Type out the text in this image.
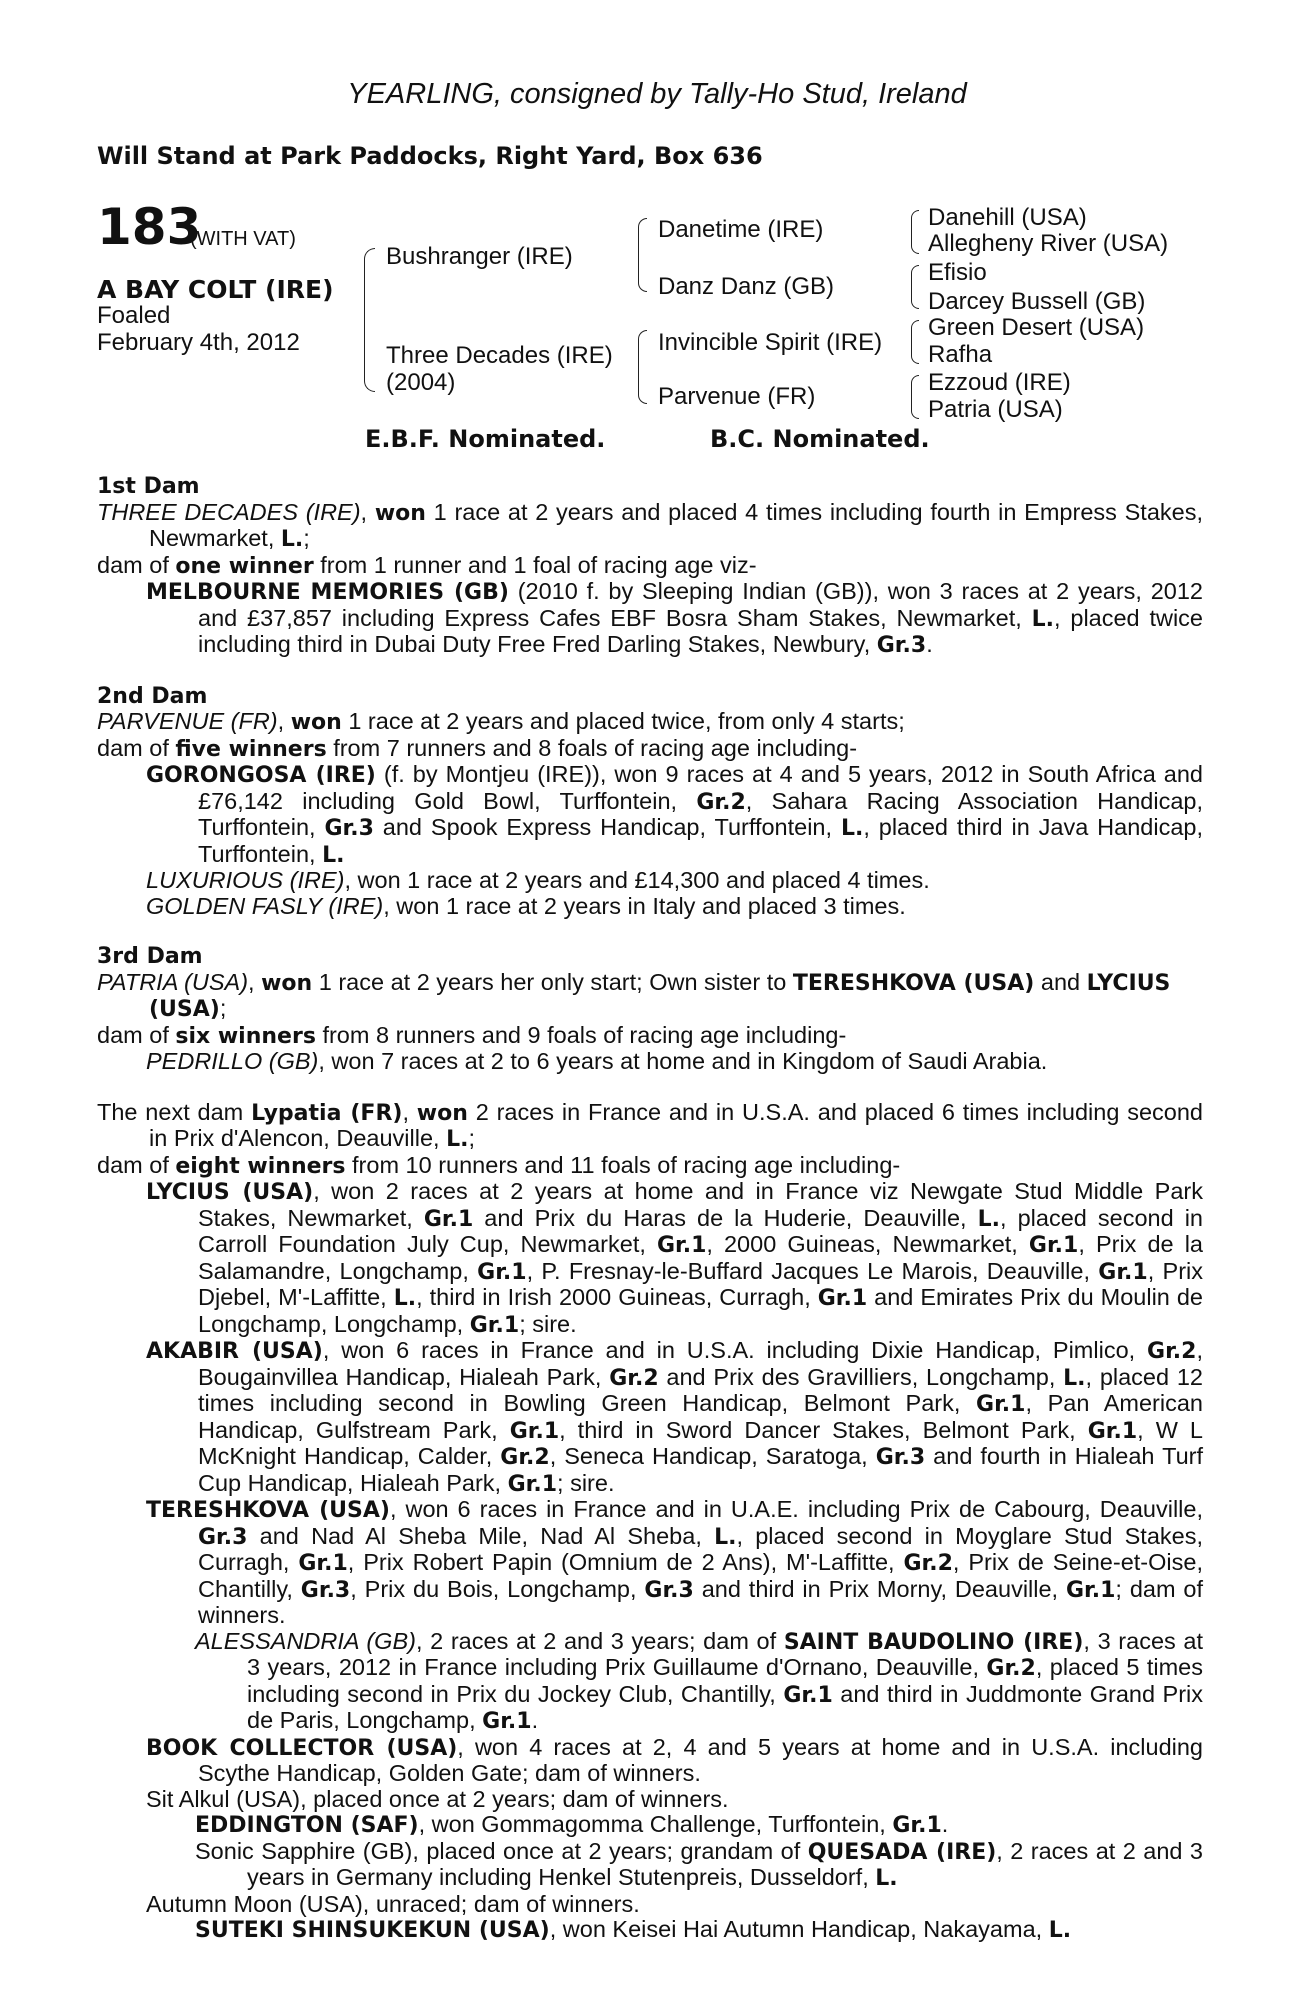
YEARLING, consigned by Tally-Ho Stud, Ireland
Will Stand at Park Paddocks, Right Yard, Box 636
183
(WITH VAT)
A BAY COLT (IRE)
Foaled
February 4th, 2012
Bushranger (IRE)
Three Decades (IRE)
(2004)
Danetime (IRE)
Danz Danz (GB)
Invincible Spirit (IRE)
Parvenue (FR)
Danehill (USA)
Allegheny River (USA)
Efisio
Darcey Bussell (GB)
Green Desert (USA)
Rafha
Ezzoud (IRE)
Patria (USA)
E.B.F. Nominated.	B.C. Nominated.

1st Dam

THREE DECADES (IRE), won 1 race at 2 years and placed 4 times including fourth in Empress Stakes, Newmarket, L.;

dam of one winner from 1 runner and 1 foal of racing age viz-

MELBOURNE MEMORIES (GB) (2010 f. by Sleeping Indian (GB)), won 3 races at 2 years, 2012 and £37,857 including Express Cafes EBF Bosra Sham Stakes, Newmarket, L., placed twice including third in Dubai Duty Free Fred Darling Stakes, Newbury, Gr.3.

2nd Dam

PARVENUE (FR), won 1 race at 2 years and placed twice, from only 4 starts;

dam of five winners from 7 runners and 8 foals of racing age including-

GORONGOSA (IRE) (f. by Montjeu (IRE)), won 9 races at 4 and 5 years, 2012 in South Africa and £76,142 including Gold Bowl, Turffontein, Gr.2, Sahara Racing Association Handicap, Turffontein, Gr.3 and Spook Express Handicap, Turffontein, L., placed third in Java Handicap, Turffontein, L.

LUXURIOUS (IRE), won 1 race at 2 years and £14,300 and placed 4 times.

GOLDEN FASLY (IRE), won 1 race at 2 years in Italy and placed 3 times.

3rd Dam

PATRIA (USA), won 1 race at 2 years her only start; Own sister to TERESHKOVA (USA) and LYCIUS (USA);

dam of six winners from 8 runners and 9 foals of racing age including-

PEDRILLO (GB), won 7 races at 2 to 6 years at home and in Kingdom of Saudi Arabia.

The next dam Lypatia (FR), won 2 races in France and in U.S.A. and placed 6 times including second in Prix d'Alencon, Deauville, L.;

dam of eight winners from 10 runners and 11 foals of racing age including-

LYCIUS (USA), won 2 races at 2 years at home and in France viz Newgate Stud Middle Park Stakes, Newmarket, Gr.1 and Prix du Haras de la Huderie, Deauville, L., placed second in Carroll Foundation July Cup, Newmarket, Gr.1, 2000 Guineas, Newmarket, Gr.1, Prix de la Salamandre, Longchamp, Gr.1, P. Fresnay-le-Buffard Jacques Le Marois, Deauville, Gr.1, Prix Djebel, M'-Laffitte, L., third in Irish 2000 Guineas, Curragh, Gr.1 and Emirates Prix du Moulin de Longchamp, Longchamp, Gr.1; sire.

AKABIR (USA), won 6 races in France and in U.S.A. including Dixie Handicap, Pimlico, Gr.2, Bougainvillea Handicap, Hialeah Park, Gr.2 and Prix des Gravilliers, Longchamp, L., placed 12 times including second in Bowling Green Handicap, Belmont Park, Gr.1, Pan American Handicap, Gulfstream Park, Gr.1, third in Sword Dancer Stakes, Belmont Park, Gr.1, W L McKnight Handicap, Calder, Gr.2, Seneca Handicap, Saratoga, Gr.3 and fourth in Hialeah Turf Cup Handicap, Hialeah Park, Gr.1; sire.

TERESHKOVA (USA), won 6 races in France and in U.A.E. including Prix de Cabourg, Deauville, Gr.3 and Nad Al Sheba Mile, Nad Al Sheba, L., placed second in Moyglare Stud Stakes, Curragh, Gr.1, Prix Robert Papin (Omnium de 2 Ans), M'-Laffitte, Gr.2, Prix de Seine-et-Oise, Chantilly, Gr.3, Prix du Bois, Longchamp, Gr.3 and third in Prix Morny, Deauville, Gr.1; dam of winners.

ALESSANDRIA (GB), 2 races at 2 and 3 years; dam of SAINT BAUDOLINO (IRE), 3 races at 3 years, 2012 in France including Prix Guillaume d'Ornano, Deauville, Gr.2, placed 5 times including second in Prix du Jockey Club, Chantilly, Gr.1 and third in Juddmonte Grand Prix de Paris, Longchamp, Gr.1.

BOOK COLLECTOR (USA), won 4 races at 2, 4 and 5 years at home and in U.S.A. including Scythe Handicap, Golden Gate; dam of winners.

Sit Alkul (USA), placed once at 2 years; dam of winners.

EDDINGTON (SAF), won Gommagomma Challenge, Turffontein, Gr.1.

Sonic Sapphire (GB), placed once at 2 years; grandam of QUESADA (IRE), 2 races at 2 and 3 years in Germany including Henkel Stutenpreis, Dusseldorf, L.

Autumn Moon (USA), unraced; dam of winners.

SUTEKI SHINSUKEKUN (USA), won Keisei Hai Autumn Handicap, Nakayama, L.
